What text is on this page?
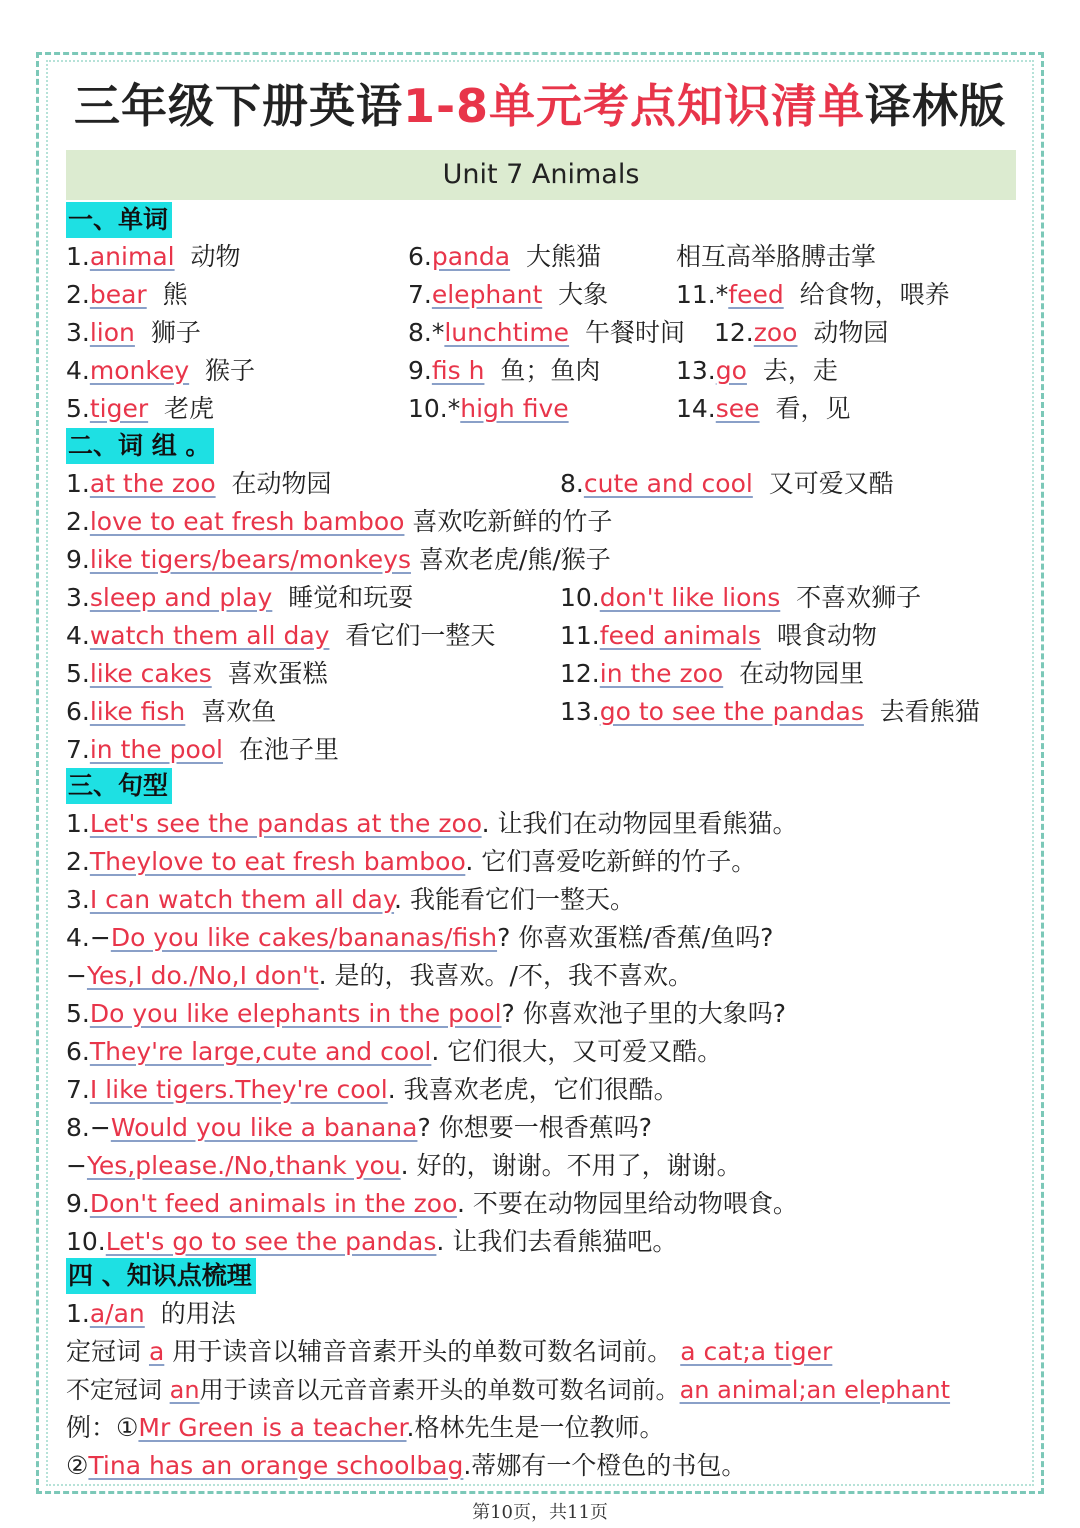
三年级下册英语1-8单元考点知识清单译林版
Unit 7 Animals
一、单词
1.animal 动物
2.bear 熊
3.lion 狮子
4.monkey 猴子
5.tiger 老虎
6.panda 大熊猫
7.elephant 大象
8.*lunchtime 午餐时间
9.fis h 鱼；鱼肉
10.*high five
相互高举胳膊击掌
11.*feed 给食物，喂养
12.zoo 动物园
13.go 去，走
14.see 看，见
二、词 组 。
1.at the zoo 在动物园	8.cute and cool 又可爱又酷
2.love to eat fresh bamboo 喜欢吃新鲜的竹子
9.like tigers/bears/monkeys 喜欢老虎/熊/猴子
3.sleep and play 睡觉和玩耍	10.don't like lions 不喜欢狮子
4.watch them all day 看它们一整天	11.feed animals 喂食动物
5.like cakes 喜欢蛋糕	12.in the zoo 在动物园里
6.like fish 喜欢鱼	13.go to see the pandas 去看熊猫
7.in the pool 在池子里
三、句型
1.Let's see the pandas at the zoo. 让我们在动物园里看熊猫。
2.Theylove to eat fresh bamboo. 它们喜爱吃新鲜的竹子。
3.I can watch them all day. 我能看它们一整天。
4.−Do you like cakes/bananas/fish? 你喜欢蛋糕/香蕉/鱼吗?
−Yes,I do./No,I don't. 是的，我喜欢。/不，我不喜欢。
5.Do you like elephants in the pool? 你喜欢池子里的大象吗?
6.They're large,cute and cool. 它们很大，又可爱又酷。
7.I like tigers.They're cool. 我喜欢老虎，它们很酷。
8.−Would you like a banana? 你想要一根香蕉吗?
−Yes,please./No,thank you. 好的，谢谢。不用了，谢谢。
9.Don't feed animals in the zoo. 不要在动物园里给动物喂食。
10.Let's go to see the pandas. 让我们去看熊猫吧。
四 、知识点梳理
1.a/an 的用法
定冠词 a 用于读音以辅音音素开头的单数可数名词前。 a cat;a tiger
不定冠词 an用于读音以元音音素开头的单数可数名词前。an animal;an elephant
例：①Mr Green is a teacher.格林先生是一位教师。
②Tina has an orange schoolbag.蒂娜有一个橙色的书包。
第10页，共11页
